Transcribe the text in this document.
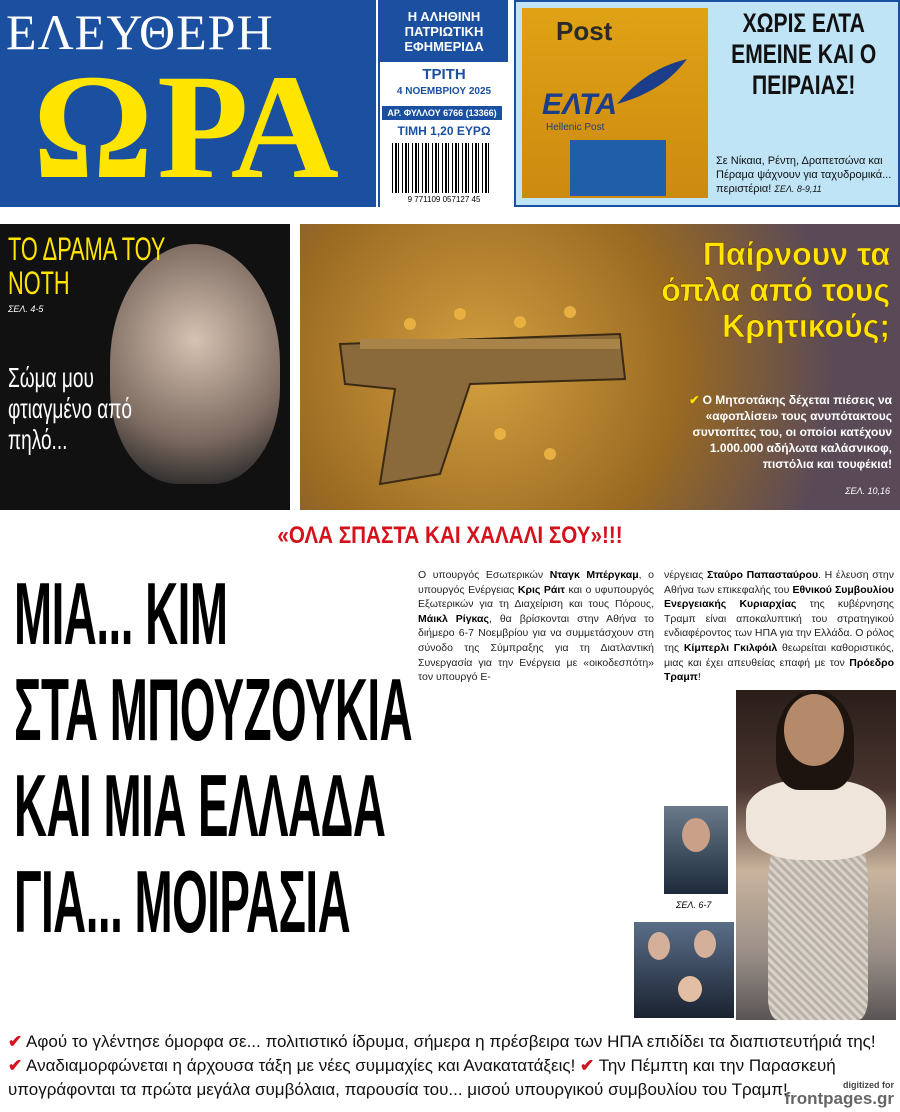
ΕΛΕΥΘΕΡΗ
ΩΡΑ
Η ΑΛΗΘΙΝΗ ΠΑΤΡΙΩΤΙΚΗ ΕΦΗΜΕΡΙΔΑ
ΤΡΙΤΗ
4 ΝΟΕΜΒΡΙΟΥ 2025
ΑΡ. ΦΥΛΛΟΥ 6766 (13366)
ΤΙΜΗ 1,20 ΕΥΡΩ
9 771109 057127 45
Post
ΕΛΤΑ
Hellenic Post
ΧΩΡΙΣ ΕΛΤΑ ΕΜΕΙΝΕ ΚΑΙ Ο ΠΕΙΡΑΙΑΣ!
Σε Νίκαια, Ρέντη, Δραπετσώνα και Πέραμα ψάχνουν για ταχυδρομικά... περιστέρια! ΣΕΛ. 8-9,11
ΤΟ ΔΡΑΜΑ ΤΟΥ ΝΟΤΗ
ΣΕΛ. 4-5
Σώμα μου φτιαγμένο από πηλό...
Παίρνουν τα όπλα από τους Κρητικούς;
✔ Ο Μητσοτάκης δέχεται πιέσεις να «αφοπλίσει» τους ανυπότακτους συντοπίτες του, οι οποίοι κατέχουν 1.000.000 αδήλωτα καλάσνικοφ, πιστόλια και τουφέκια!
ΣΕΛ. 10,16
«ΟΛΑ ΣΠΑΣΤΑ ΚΑΙ ΧΑΛΑΛΙ ΣΟΥ»!!!
ΜΙΑ... ΚΙΜ
ΣΤΑ ΜΠΟΥΖΟΥΚΙΑ
ΚΑΙ ΜΙΑ ΕΛΛΑΔΑ
ΓΙΑ... ΜΟΙΡΑΣΙΑ
Ο υπουργός Εσωτερικών Νταγκ Μπέργκαμ, ο υπουργός Ενέργειας Κρις Ράιτ και ο υφυπουργός Εξωτερικών για τη Διαχείριση και τους Πόρους, Μάικλ Ρίγκας, θα βρίσκονται στην Αθήνα το διήμερο 6-7 Νοεμβρίου για να συμμετάσχουν στη σύνοδο της Σύμπραξης για τη Διατλαντική Συνεργασία για την Ενέργεια με «οικοδεσπότη» τον υπουργό Ε-
νέργειας Σταύρο Παπασταύρου. Η έλευση στην Αθήνα των επικεφαλής του Εθνικού Συμβουλίου Ενεργειακής Κυριαρχίας της κυβέρνησης Τραμπ είναι αποκαλυπτική του στρατηγικού ενδιαφέροντος των ΗΠΑ για την Ελλάδα. Ο ρόλος της Κίμπερλι Γκιλφόιλ θεωρείται καθοριστικός, μιας και έχει απευθείας επαφή με τον Πρόεδρο Τραμπ!
ΣΕΛ. 6-7
✔ Αφού το γλέντησε όμορφα σε... πολιτιστικό ίδρυμα, σήμερα η πρέσβειρα των ΗΠΑ επιδίδει τα διαπιστευτήριά της! ✔ Αναδιαμορφώνεται η άρχουσα τάξη με νέες συμμαχίες και Ανακατατάξεις! ✔ Την Πέμπτη και την Παρασκευή υπογράφονται τα πρώτα μεγάλα συμβόλαια, παρουσία του... μισού υπουργικού συμβουλίου του Τραμπ!	digitized for
frontpages.gr
